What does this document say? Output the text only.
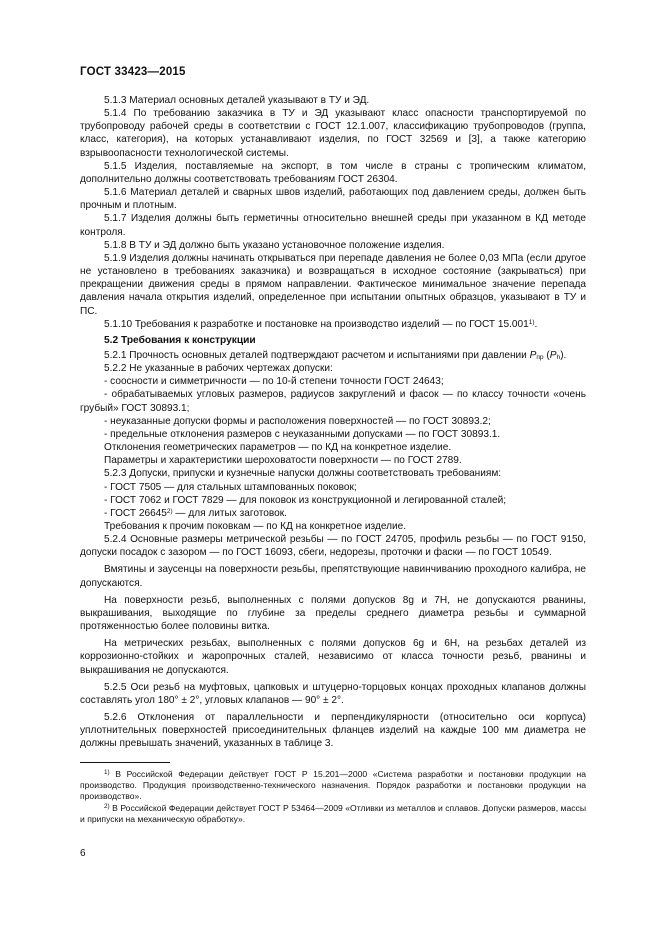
ГОСТ 33423—2015

5.1.3 Материал основных деталей указывают в ТУ и ЭД.

5.1.4 По требованию заказчика в ТУ и ЭД указывают класс опасности транспортируемой по трубопроводу рабочей среды в соответствии с ГОСТ 12.1.007, классификацию трубопроводов (группа, класс, категория), на которых устанавливают изделия, по ГОСТ 32569 и [3], а также категорию взрывоопасности технологической системы.

5.1.5 Изделия, поставляемые на экспорт, в том числе в страны с тропическим климатом, дополнительно должны соответствовать требованиям ГОСТ 26304.

5.1.6 Материал деталей и сварных швов изделий, работающих под давлением среды, должен быть прочным и плотным.

5.1.7 Изделия должны быть герметичны относительно внешней среды при указанном в КД методе контроля.

5.1.8 В ТУ и ЭД должно быть указано установочное положение изделия.

5.1.9 Изделия должны начинать открываться при перепаде давления не более 0,03 МПа (если другое не установлено в требованиях заказчика) и возвращаться в исходное состояние (закрываться) при прекращении движения среды в прямом направлении. Фактическое минимальное значение перепада давления начала открытия изделий, определенное при испытании опытных образцов, указывают в ТУ и ПС.

5.1.10 Требования к разработке и постановке на производство изделий — по ГОСТ 15.001$^{1)}$.

5.2 Требования к конструкции

5.2.1 Прочность основных деталей подтверждают расчетом и испытаниями при давлении $P_{пр}$ $(P_h)$.

5.2.2 Не указанные в рабочих чертежах допуски:

- соосности и симметричности — по 10-й степени точности ГОСТ 24643;

- обрабатываемых угловых размеров, радиусов закруглений и фасок — по классу точности «очень грубый» ГОСТ 30893.1;

- неуказанные допуски формы и расположения поверхностей — по ГОСТ 30893.2;

- предельные отклонения размеров с неуказанными допусками — по ГОСТ 30893.1.

Отклонения геометрических параметров — по КД на конкретное изделие.

Параметры и характеристики шероховатости поверхности — по ГОСТ 2789.

5.2.3 Допуски, припуски и кузнечные напуски должны соответствовать требованиям:

- ГОСТ 7505 — для стальных штампованных поковок;

- ГОСТ 7062 и ГОСТ 7829 — для поковок из конструкционной и легированной сталей;

- ГОСТ 26645$^{2)}$ — для литых заготовок.

Требования к прочим поковкам — по КД на конкретное изделие.

5.2.4 Основные размеры метрической резьбы — по ГОСТ 24705, профиль резьбы — по ГОСТ 9150, допуски посадок с зазором — по ГОСТ 16093, сбеги, недорезы, проточки и фаски — по ГОСТ 10549.

Вмятины и заусенцы на поверхности резьбы, препятствующие навинчиванию проходного калибра, не допускаются.

На поверхности резьб, выполненных с полями допусков 8g и 7H, не допускаются рванины, выкрашивания, выходящие по глубине за пределы среднего диаметра резьбы и суммарной протяженностью более половины витка.

На метрических резьбах, выполненных с полями допусков 6g и 6H, на резьбах деталей из коррозионно-стойких и жаропрочных сталей, независимо от класса точности резьб, рванины и выкрашивания не допускаются.

5.2.5 Оси резьб на муфтовых, цапковых и штуцерно-торцовых концах проходных клапанов должны составлять угол 180° ± 2°, угловых клапанов — 90° ± 2°.

5.2.6 Отклонения от параллельности и перпендикулярности (относительно оси корпуса) уплотнительных поверхностей присоединительных фланцев изделий на каждые 100 мм диаметра не должны превышать значений, указанных в таблице 3.

$^{1)}$ В Российской Федерации действует ГОСТ Р 15.201—2000 «Система разработки и постановки продукции на производство. Продукция производственно-технического назначения. Порядок разработки и постановки продукции на производство».

$^{2)}$ В Российской Федерации действует ГОСТ Р 53464—2009 «Отливки из металлов и сплавов. Допуски размеров, массы и припуски на механическую обработку».

6
